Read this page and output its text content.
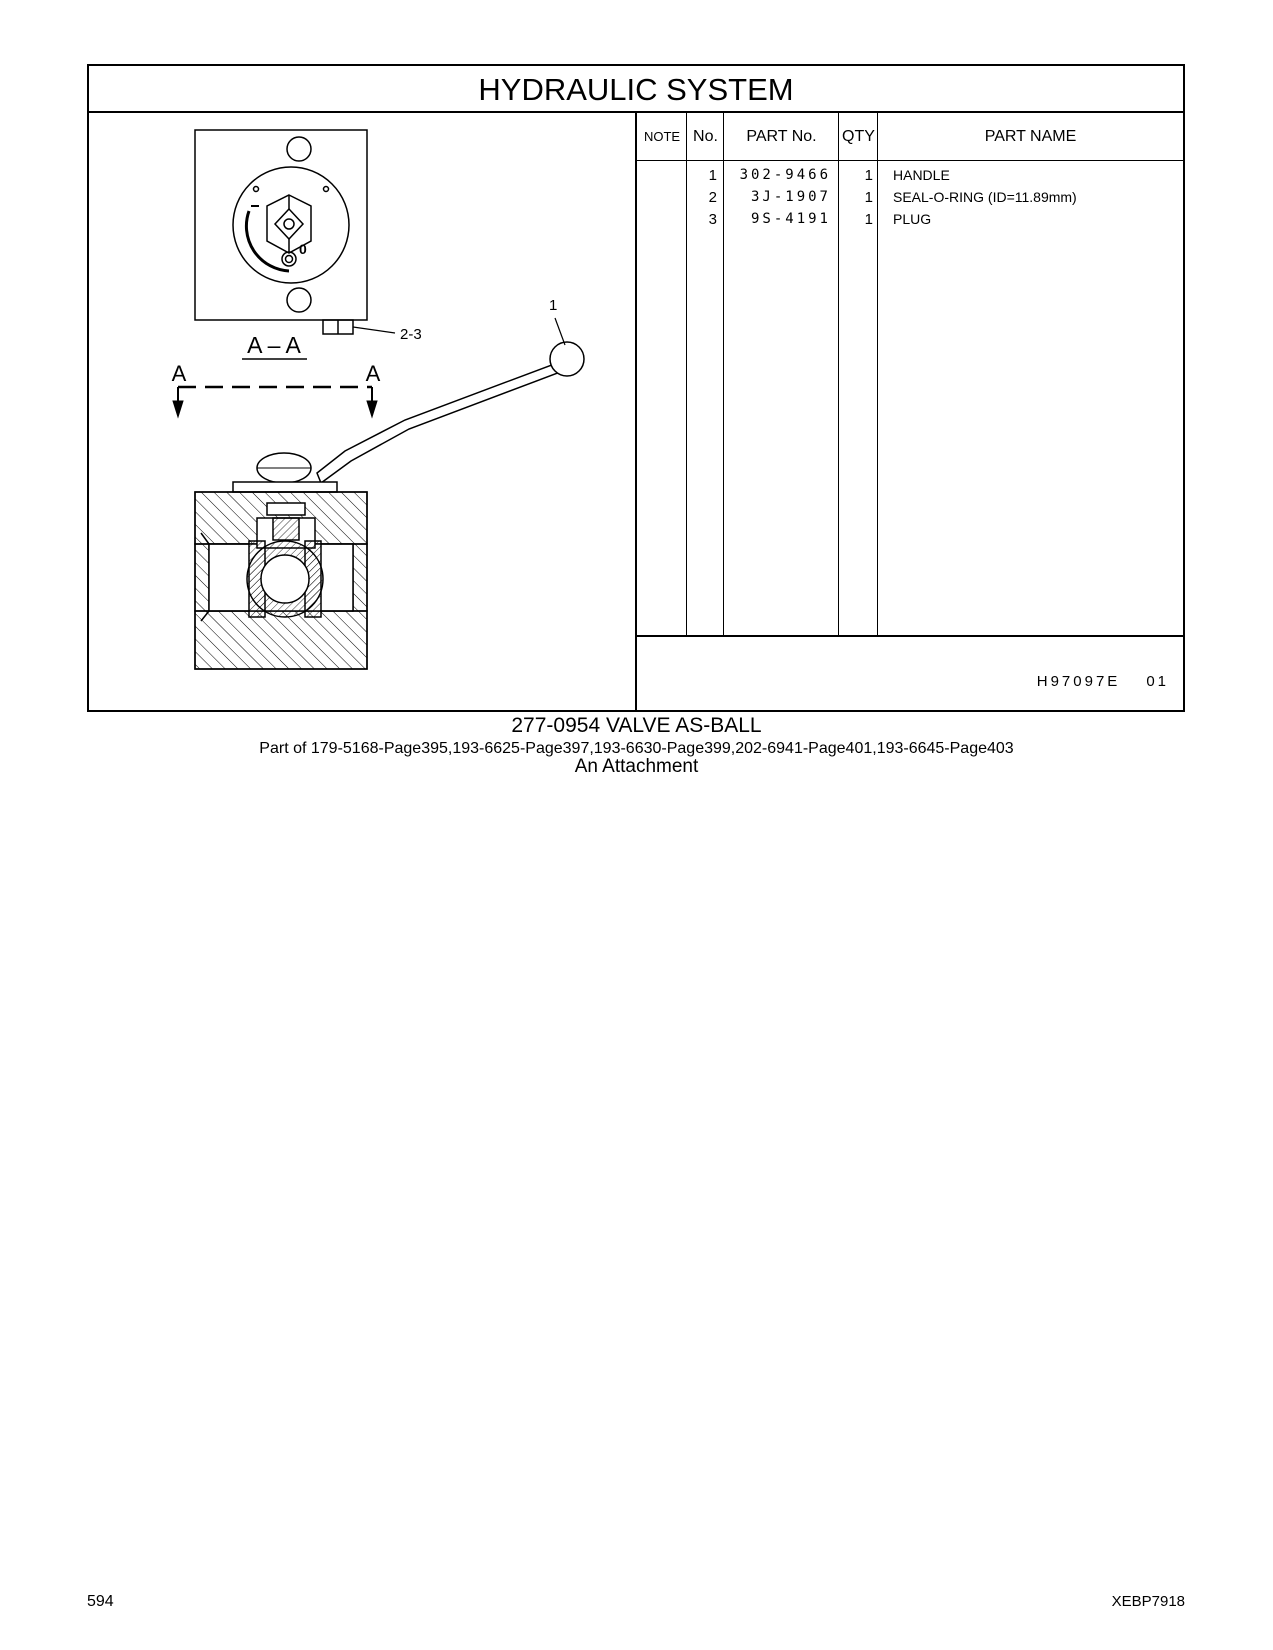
HYDRAULIC SYSTEM
2-3
0
A – A
A	A
1
NOTE No.	PART No.	QTY	PART NAME
1	302-9466	1 HANDLE
2	3J-1907	1 SEAL-O-RING (ID=11.89mm)
3	9S-4191	1 PLUG
H97097E 01
277-0954 VALVE AS-BALL
Part of 179-5168-Page395,193-6625-Page397,193-6630-Page399,202-6941-Page401,193-6645-Page403
An Attachment
594	XEBP7918
